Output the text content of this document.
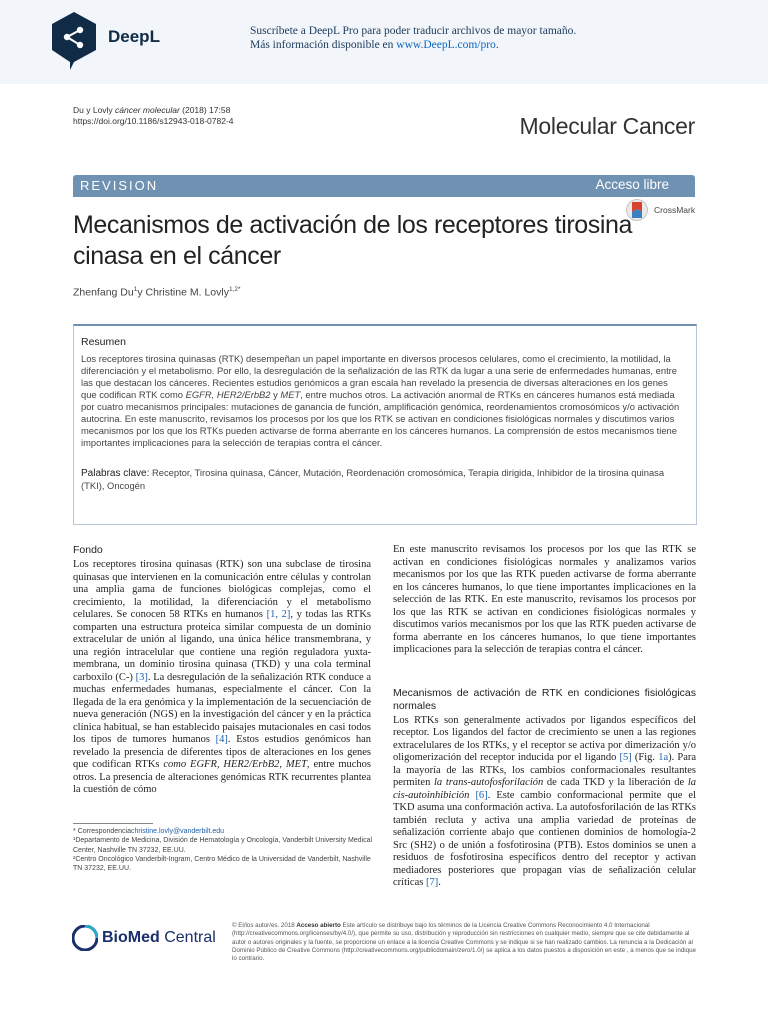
DeepL	Suscríbete a DeepL Pro para poder traducir archivos de mayor tamaño.
Más información disponible en www.DeepL.com/pro.
Du y Lovly cáncer molecular (2018) 17:58
https://doi.org/10.1186/s12943-018-0782-4	Molecular Cancer
REVISION	Acceso libre
CrossMark
Mecanismos de activación de los receptores tirosina cinasa en el cáncer
Zhenfang Du$^1$y Christine M. Lovly$^{1,2*}$
Resumen
Los receptores tirosina quinasas (RTK) desempeñan un papel importante en diversos procesos celulares, como el crecimiento, la motilidad, la diferenciación y el metabolismo. Por ello, la desregulación de la señalización de las RTK da lugar a una serie de enfermedades humanas, entre las que destacan los cánceres. Recientes estudios genómicos a gran escala han revelado la presencia de diversas alteraciones en los genes que codifican RTK como EGFR, HER2/ErbB2 y MET, entre muchos otros. La activación anormal de RTKs en cánceres humanos está mediada por cuatro mecanismos principales: mutaciones de ganancia de función, amplificación genómica, reordenamientos cromosómicos y/o activación autocrina. En este manuscrito, revisamos los procesos por los que los RTK se activan en condiciones fisiológicas normales y discutimos varios mecanismos por los que los RTKs pueden activarse de forma aberrante en los cánceres humanos. La comprensión de estos mecanismos tiene importantes implicaciones para la selección de terapias contra el cáncer.
Palabras clave: Receptor, Tirosina quinasa, Cáncer, Mutación, Reordenación cromosómica, Terapia dirigida, Inhibidor de la tirosina quinasa (TKI), Oncogén
Fondo

Los receptores tirosina quinasas (RTK) son una subclase de tirosina quinasas que intervienen en la comunicación entre células y controlan una amplia gama de funciones biológicas complejas, como el crecimiento, la motilidad, la diferenciación y el metabolismo celulares. Se conocen 58 RTKs en humanos [1, 2], y todas las RTKs comparten una estructura proteica similar compuesta de un dominio extracelular de unión al ligando, una única hélice transmembrana, y una región intracelular que contiene una región reguladora yuxta-membrana, un dominio tirosina quinasa (TKD) y una cola terminal carboxilo (C-) [3]. La desregulación de la señalización RTK conduce a muchas enfermedades humanas, especialmente el cáncer. Con la llegada de la era genómica y la implementación de la secuenciación de nueva generación (NGS) en la investigación del cáncer y en la práctica clínica habitual, se han establecido paisajes mutacionales en casi todos los tipos de tumores humanos [4]. Estos estudios genómicos han revelado la presencia de diferentes tipos de alteraciones en los genes que codifican RTKs como EGFR, HER2/ErbB2, MET, entre muchos otros. La presencia de alteraciones genómicas RTK recurrentes plantea la cuestión de cómo

En este manuscrito revisamos los procesos por los que las RTK se activan en condiciones fisiológicas normales y analizamos varios mecanismos por los que las RTK pueden activarse de forma aberrante en los cánceres humanos, lo que tiene importantes implicaciones en la selección de las RTK. En este manuscrito, revisamos los procesos por los que las RTK se activan en condiciones fisiológicas normales y discutimos varios mecanismos por los que las RTK pueden activarse de forma aberrante en los cánceres humanos, lo que tiene importantes implicaciones para la selección de terapias contra el cáncer.

Mecanismos de activación de RTK en condiciones fisiológicas normales

Los RTKs son generalmente activados por ligandos específicos del receptor. Los ligandos del factor de crecimiento se unen a las regiones extracelulares de los RTKs, y el receptor se activa por dimerización y/o oligomerización del receptor inducida por el ligando [5] (Fig. 1a). Para la mayoría de las RTKs, los cambios conformacionales resultantes permiten la trans-autofosforilación de cada TKD y la liberación de la cis-autoinhibición [6]. Este cambio conformacional permite que el TKD asuma una conformación activa. La autofosforilación de las RTKs también recluta y activa una amplia variedad de proteínas de señalización corriente abajo que contienen dominios de homología-2 Src (SH2) o de unión a fosfotirosina (PTB). Estos dominios se unen a residuos de fosfotirosina específicos dentro del receptor y activan mediadores posteriores que propagan vías de señalización celular críticas [7].

* Correspondenciachristine.lovly@vanderbilt.edu
¹Departamento de Medicina, División de Hematología y Oncología, Vanderbilt University Medical Center, Nashville TN 37232, EE.UU.
²Centro Oncológico Vanderbilt-Ingram, Centro Médico de la Universidad de Vanderbilt, Nashville TN 37232, EE.UU.
BioMed Central
© El/los autor/es. 2018 Acceso abierto Este artículo se distribuye bajo los términos de la Licencia Creative Commons Reconocimiento 4.0 Internacional (http://creativecommons.org/licenses/by/4.0/), que permite su uso, distribución y reproducción sin restricciones en cualquier medio, siempre que se cite debidamente al autor o autores originales y la fuente, se proporcione un enlace a la licencia Creative Commons y se indique si se han realizado cambios. La renuncia a la Dedicación al Dominio Público de Creative Commons (http://creativecommons.org/publicdomain/zero/1.0/) se aplica a los datos puestos a disposición en este , a menos que se indique lo contrario.
